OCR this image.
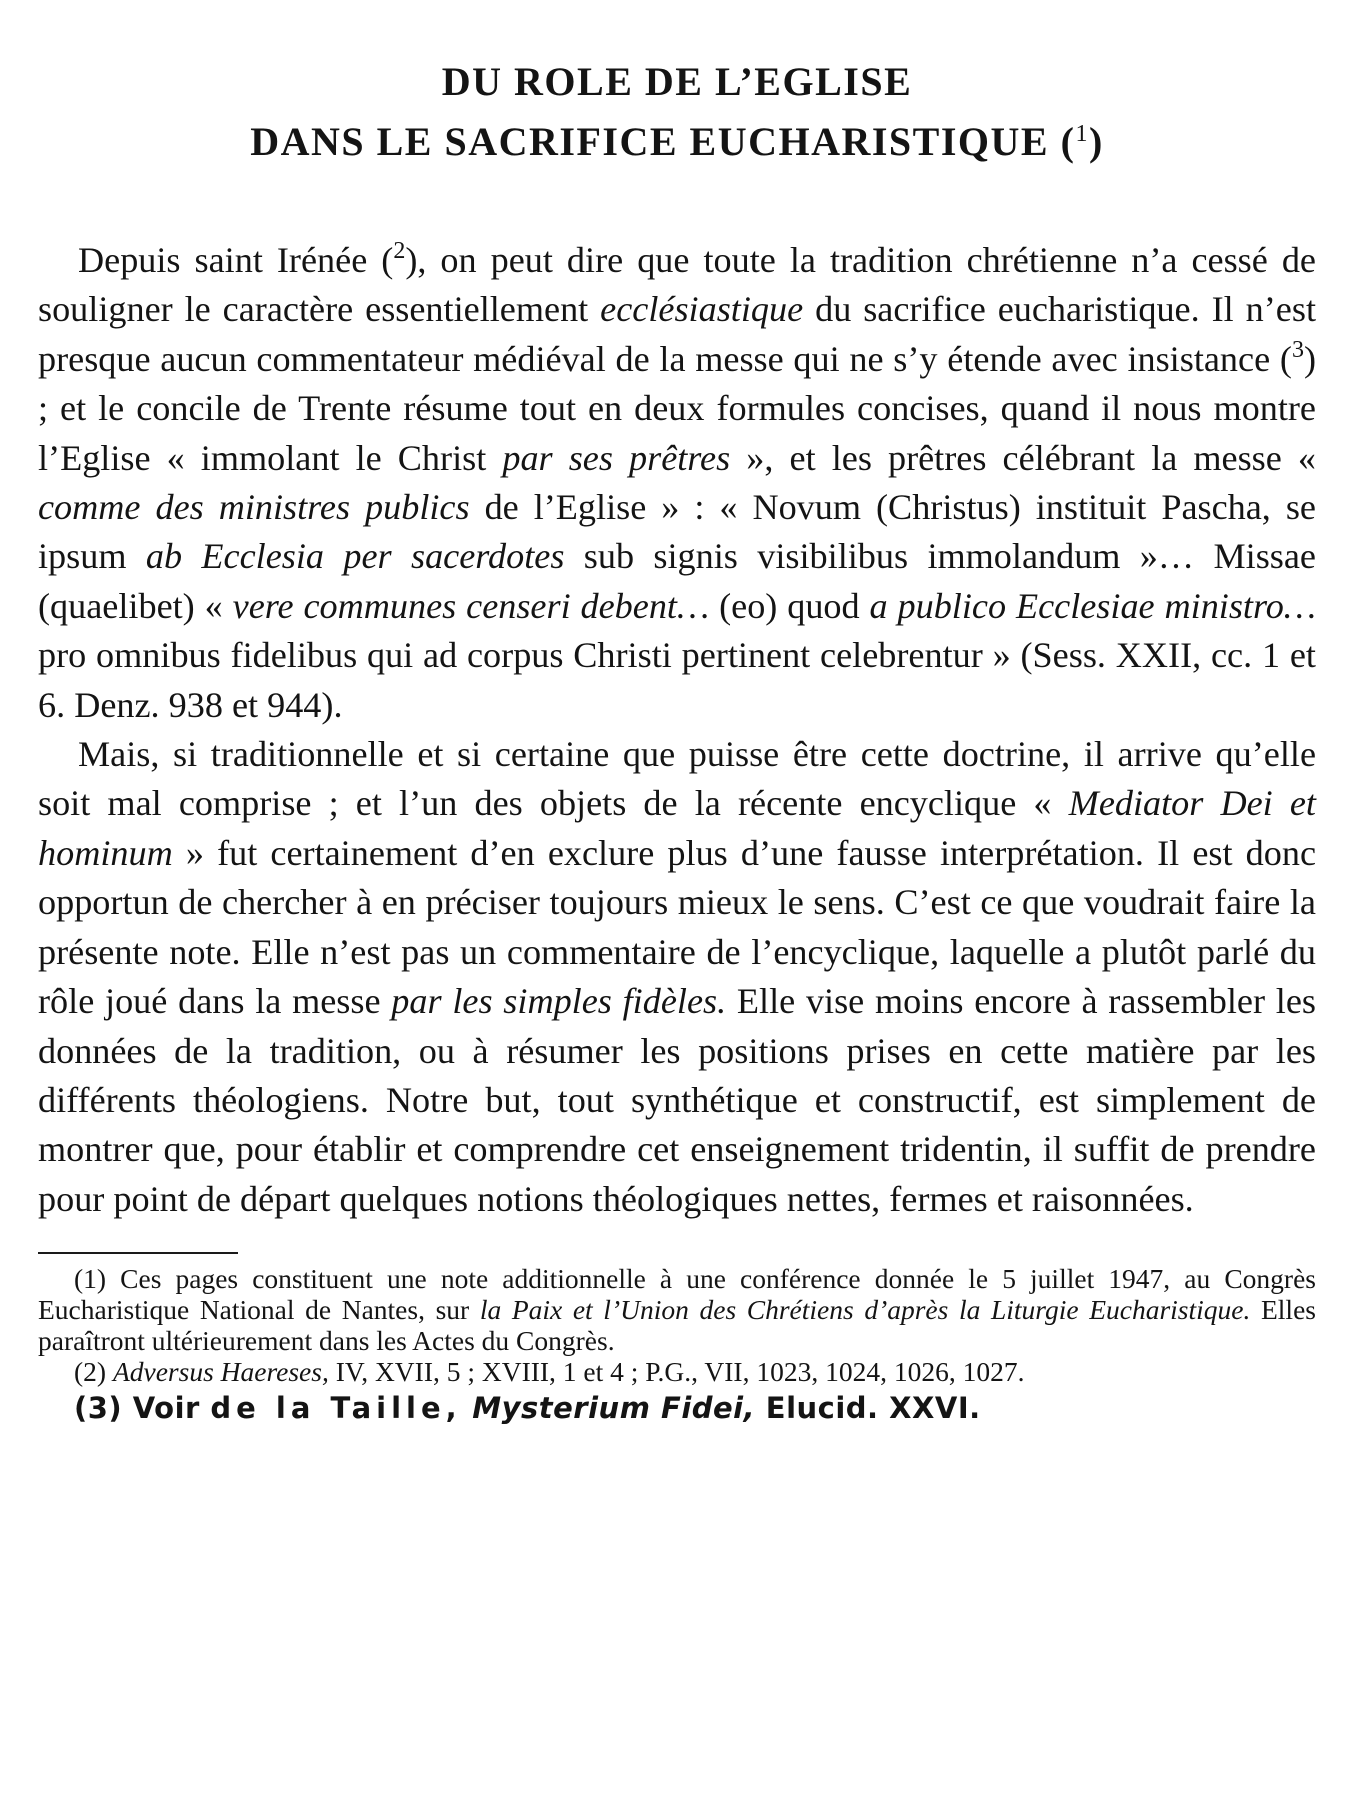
DU ROLE DE L’EGLISE
DANS LE SACRIFICE EUCHARISTIQUE ($^1$)

Depuis saint Irénée ($^2$), on peut dire que toute la tradition chrétienne n’a cessé de souligner le caractère essentiellement ecclésiastique du sacrifice eucharistique. Il n’est presque aucun commentateur médiéval de la messe qui ne s’y étende avec insistance ($^3$) ; et le concile de Trente résume tout en deux formules concises, quand il nous montre l’Eglise « immolant le Christ par ses prêtres », et les prêtres célébrant la messe « comme des ministres publics de l’Eglise » : « Novum (Christus) instituit Pascha, se ipsum ab Ecclesia per sacerdotes sub signis visibilibus immolandum »… Missae (quaelibet) « vere communes censeri debent… (eo) quod a publico Ecclesiae ministro… pro omnibus fidelibus qui ad corpus Christi pertinent celebrentur » (Sess. XXII, cc. 1 et 6. Denz. 938 et 944).

Mais, si traditionnelle et si certaine que puisse être cette doctrine, il arrive qu’elle soit mal comprise ; et l’un des objets de la récente encyclique « Mediator Dei et hominum » fut certainement d’en exclure plus d’une fausse interprétation. Il est donc opportun de chercher à en préciser toujours mieux le sens. C’est ce que voudrait faire la présente note. Elle n’est pas un commentaire de l’encyclique, laquelle a plutôt parlé du rôle joué dans la messe par les simples fidèles. Elle vise moins encore à rassembler les données de la tradition, ou à résumer les positions prises en cette matière par les différents théologiens. Notre but, tout synthétique et constructif, est simplement de montrer que, pour établir et comprendre cet enseignement tridentin, il suffit de prendre pour point de départ quelques notions théologiques nettes, fermes et raisonnées.

(1) Ces pages constituent une note additionnelle à une conférence donnée le 5 juillet 1947, au Congrès Eucharistique National de Nantes, sur la Paix et l’Union des Chrétiens d’après la Liturgie Eucharistique. Elles paraîtront ultérieurement dans les Actes du Congrès.

(2) Adversus Haereses, IV, XVII, 5 ; XVIII, 1 et 4 ; P.G., VII, 1023, 1024, 1026, 1027.

(3) Voir de la Taille, Mysterium Fidei, Elucid. XXVI.
